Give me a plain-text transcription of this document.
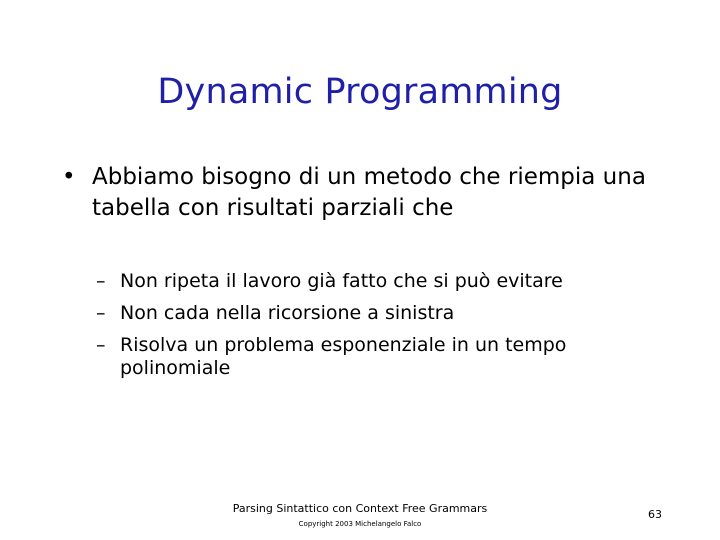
Dynamic Programming
• Abbiamo bisogno di un metodo che riempia una tabella con risultati parziali che
– Non ripeta il lavoro già fatto che si può evitare
– Non cada nella ricorsione a sinistra
– Risolva un problema esponenziale in un tempo polinomiale
Parsing Sintattico con Context Free Grammars
Copyright 2003 Michelangelo Falco
63
